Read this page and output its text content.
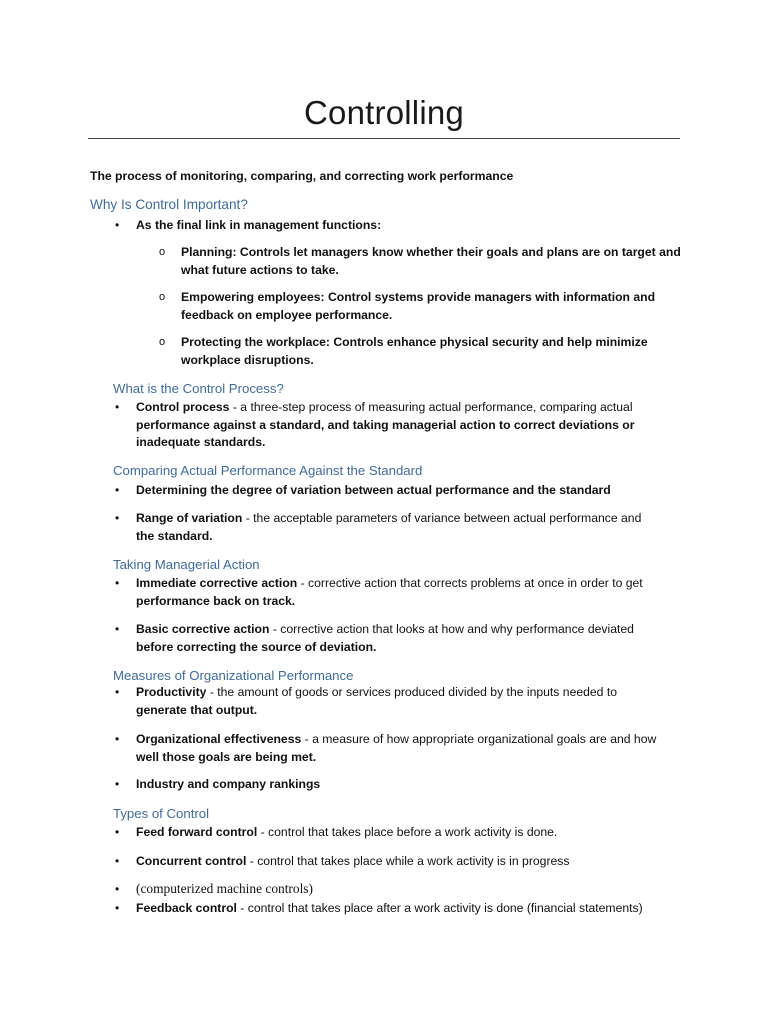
Controlling
The process of monitoring, comparing, and correcting work performance
Why Is Control Important?
• As the final link in management functions:
o Planning: Controls let managers know whether their goals and plans are on target and
what future actions to take.
o Empowering employees: Control systems provide managers with information and
feedback on employee performance.
o Protecting the workplace: Controls enhance physical security and help minimize
workplace disruptions.
What is the Control Process?
• Control process - a three-step process of measuring actual performance, comparing actual
performance against a standard, and taking managerial action to correct deviations or
inadequate standards.
Comparing Actual Performance Against the Standard
• Determining the degree of variation between actual performance and the standard
• Range of variation - the acceptable parameters of variance between actual performance and
the standard.
Taking Managerial Action
• Immediate corrective action - corrective action that corrects problems at once in order to get
performance back on track.
• Basic corrective action - corrective action that looks at how and why performance deviated
before correcting the source of deviation.
Measures of Organizational Performance
• Productivity - the amount of goods or services produced divided by the inputs needed to
generate that output.
• Organizational effectiveness - a measure of how appropriate organizational goals are and how
well those goals are being met.
• Industry and company rankings
Types of Control
• Feed forward control - control that takes place before a work activity is done.
• Concurrent control - control that takes place while a work activity is in progress
• (computerized machine controls)
• Feedback control - control that takes place after a work activity is done (financial statements)
